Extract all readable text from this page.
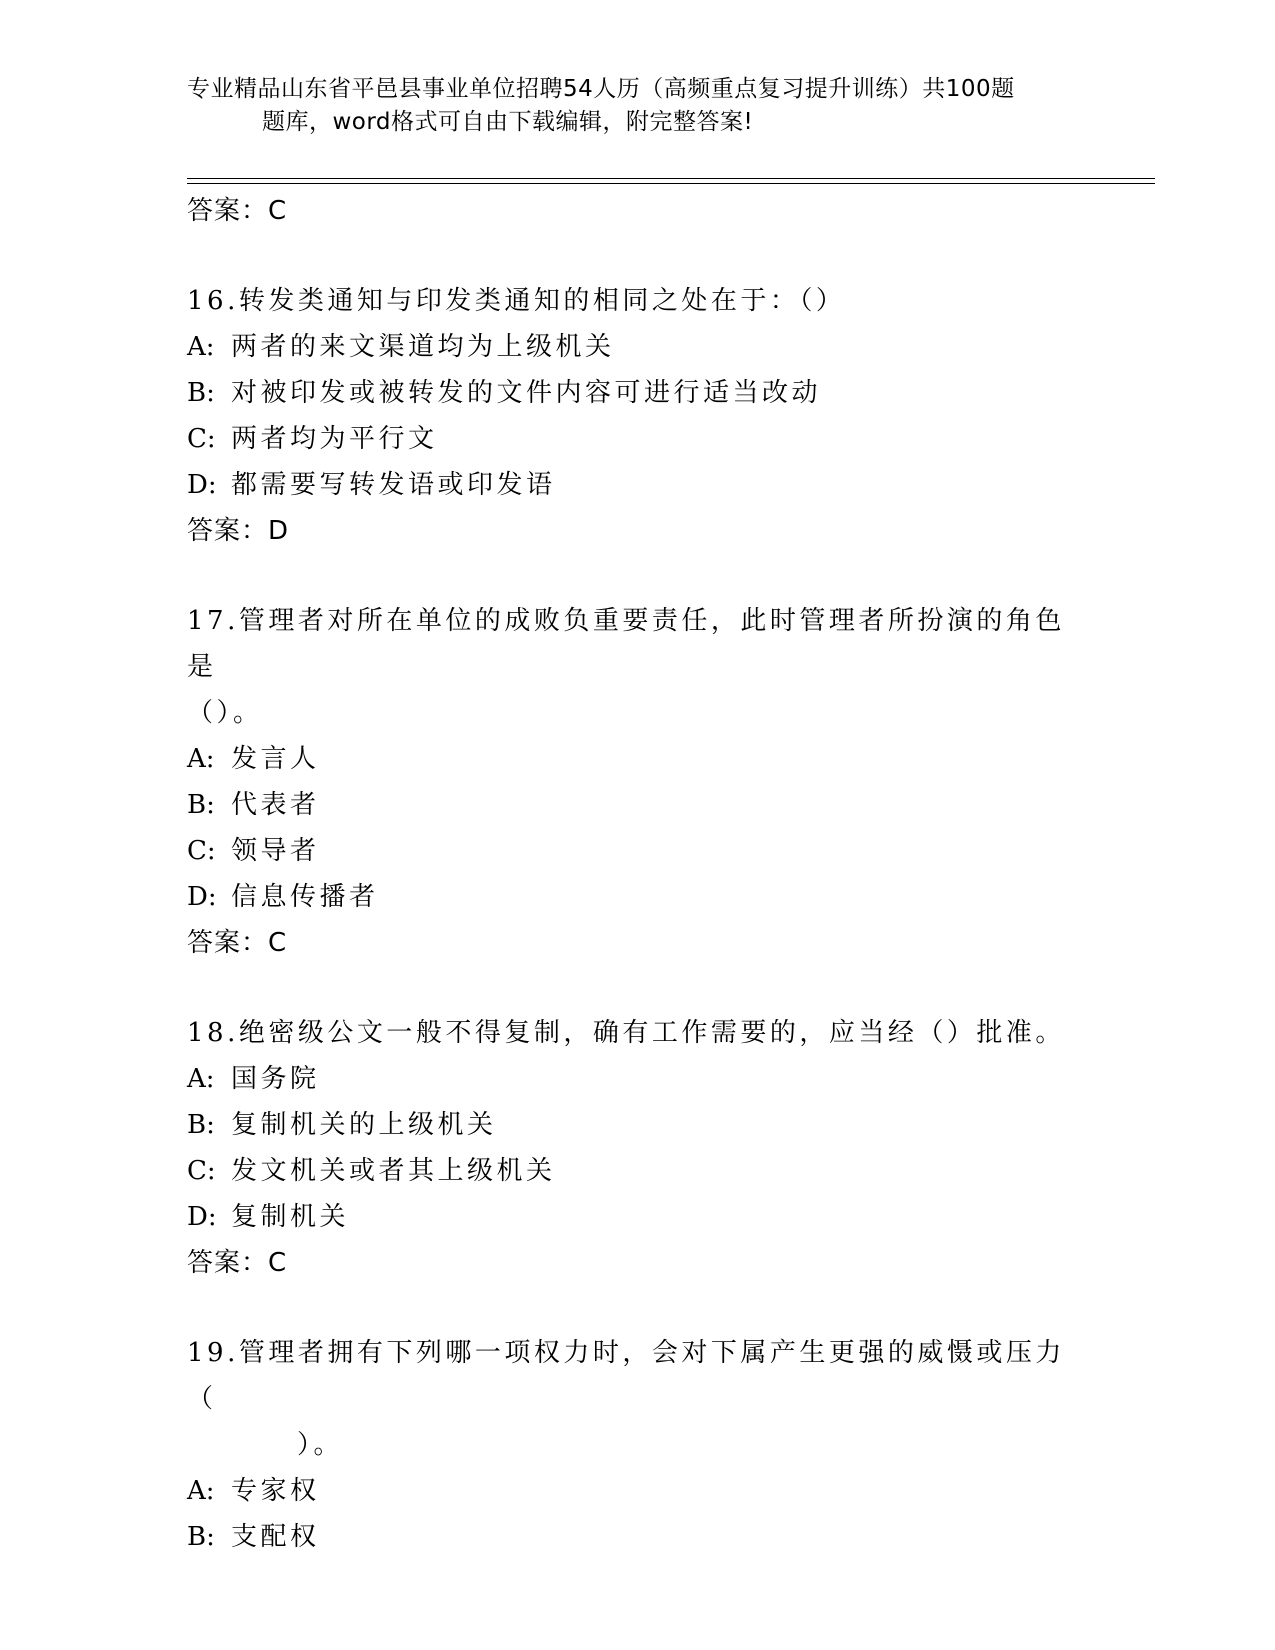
专业精品山东省平邑县事业单位招聘54人历（高频重点复习提升训练）共100题
题库，word格式可自由下载编辑，附完整答案!
答案：C
16.转发类通知与印发类通知的相同之处在于：（）
A: 两者的来文渠道均为上级机关
B: 对被印发或被转发的文件内容可进行适当改动
C: 两者均为平行文
D: 都需要写转发语或印发语
答案：D
17.管理者对所在单位的成败负重要责任，此时管理者所扮演的角色是
（）。
A: 发言人
B: 代表者
C: 领导者
D: 信息传播者
答案：C
18.绝密级公文一般不得复制，确有工作需要的，应当经（）批准。
A: 国务院
B: 复制机关的上级机关
C: 发文机关或者其上级机关
D: 复制机关
答案：C
19.管理者拥有下列哪一项权力时，会对下属产生更强的威慑或压力（
）。
A: 专家权
B: 支配权
